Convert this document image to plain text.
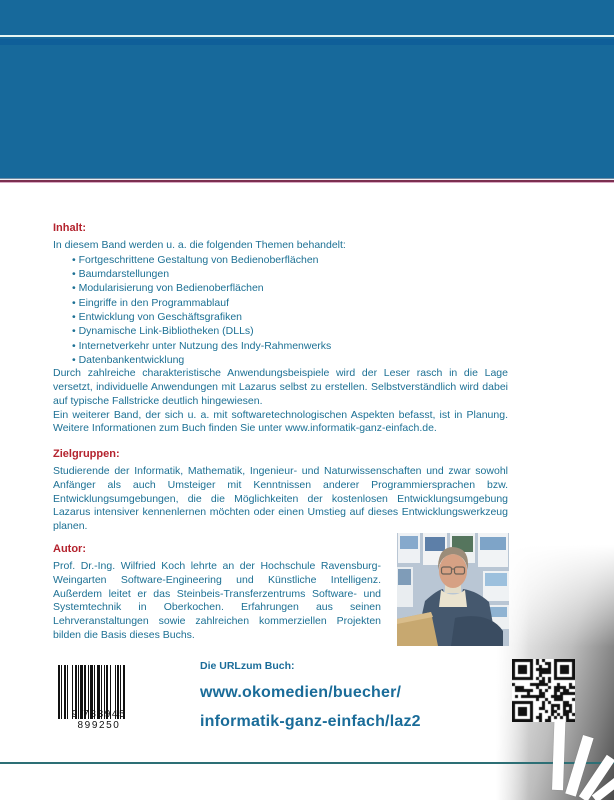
Inhalt:
In diesem Band werden u. a. die folgenden Themen behandelt:
• Fortgeschrittene Gestaltung von Bedienoberflächen
• Baumdarstellungen
• Modularisierung von Bedienoberflächen
• Eingriffe in den Programmablauf
• Entwicklung von Geschäftsgrafiken
• Dynamische Link-Bibliotheken (DLLs)
• Internetverkehr unter Nutzung des Indy-Rahmenwerks
• Datenbankentwicklung

Durch zahlreiche charakteristische Anwendungsbeispiele wird der Leser rasch in die Lage versetzt, individuelle Anwendungen mit Lazarus selbst zu erstellen. Selbstverständlich wird dabei auf typische Fallstricke deutlich hingewiesen.

Ein weiterer Band, der sich u. a. mit softwaretechnologischen Aspekten befasst, ist in Planung. Weitere Informationen zum Buch finden Sie unter www.informatik-ganz-einfach.de.

Zielgruppen:

Studierende der Informatik, Mathematik, Ingenieur- und Naturwissenschaften und zwar sowohl Anfänger als auch Umsteiger mit Kenntnissen anderer Programmiersprachen bzw. Entwicklungsumgebungen, die die Möglichkeiten der kostenlosen Entwicklungsumgebung Lazarus intensiver kennenlernen möchten oder einen Umstieg auf dieses Entwicklungswerkzeug planen.

Autor:

Prof. Dr.-Ing. Wilfried Koch lehrte an der Hochschule Ravensburg-Weingarten Software-Engineering und Künstliche Intelligenz. Außerdem leitet er das Steinbeis-Transferzentrums Software- und Systemtechnik in Oberkochen. Erfahrungen aus seinen Lehrveranstaltungen sowie zahlreichen kommerziellen Projekten bilden die Basis dieses Buchs.

Die URLzum Buch:

www.okomedien/buecher/

informatik-ganz-einfach/laz2

9 783945 899250
